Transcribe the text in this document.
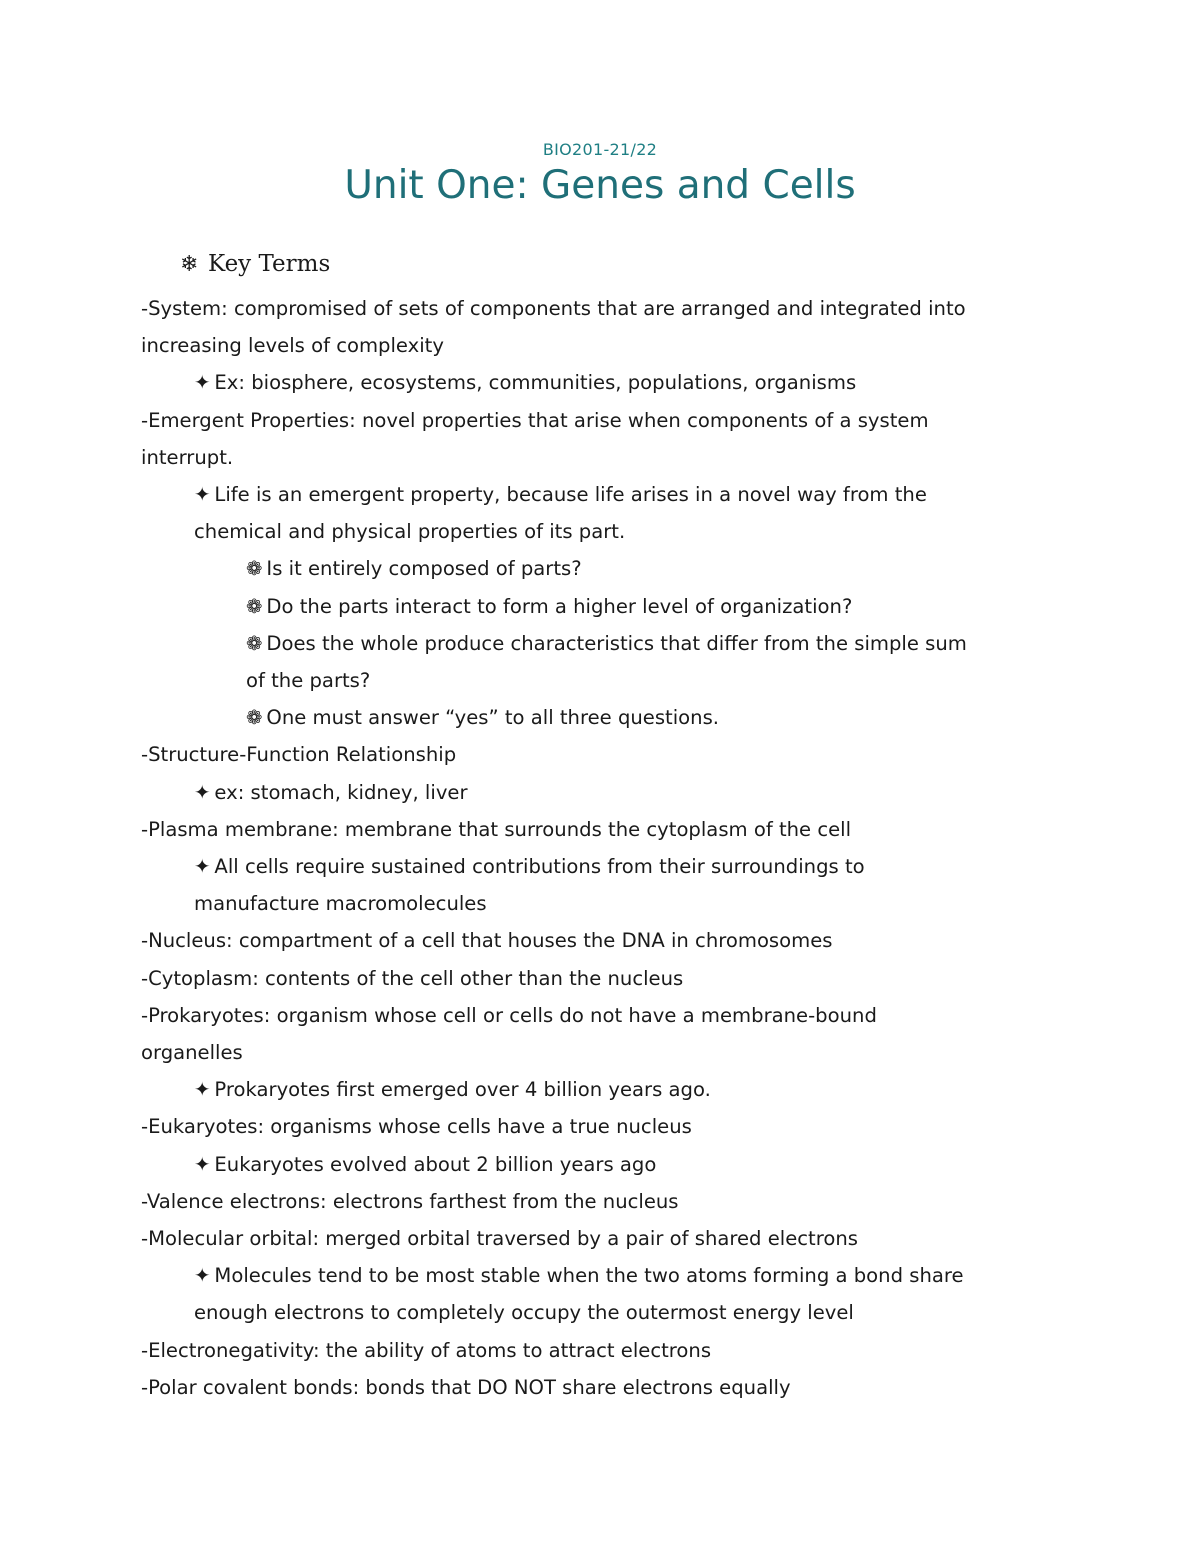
BIO201-21/22
Unit One: Genes and Cells
❄ Key Terms
-System: compromised of sets of components that are arranged and integrated into
increasing levels of complexity
✦ Ex: biosphere, ecosystems, communities, populations, organisms
-Emergent Properties: novel properties that arise when components of a system
interrupt.
✦ Life is an emergent property, because life arises in a novel way from the
chemical and physical properties of its part.
❁ Is it entirely composed of parts?
❁ Do the parts interact to form a higher level of organization?
❁ Does the whole produce characteristics that differ from the simple sum
of the parts?
❁ One must answer “yes” to all three questions.
-Structure-Function Relationship
✦ ex: stomach, kidney, liver
-Plasma membrane: membrane that surrounds the cytoplasm of the cell
✦ All cells require sustained contributions from their surroundings to
manufacture macromolecules
-Nucleus: compartment of a cell that houses the DNA in chromosomes
-Cytoplasm: contents of the cell other than the nucleus
-Prokaryotes: organism whose cell or cells do not have a membrane-bound
organelles
✦ Prokaryotes first emerged over 4 billion years ago.
-Eukaryotes: organisms whose cells have a true nucleus
✦ Eukaryotes evolved about 2 billion years ago
-Valence electrons: electrons farthest from the nucleus
-Molecular orbital: merged orbital traversed by a pair of shared electrons
✦ Molecules tend to be most stable when the two atoms forming a bond share
enough electrons to completely occupy the outermost energy level
-Electronegativity: the ability of atoms to attract electrons
-Polar covalent bonds: bonds that DO NOT share electrons equally
